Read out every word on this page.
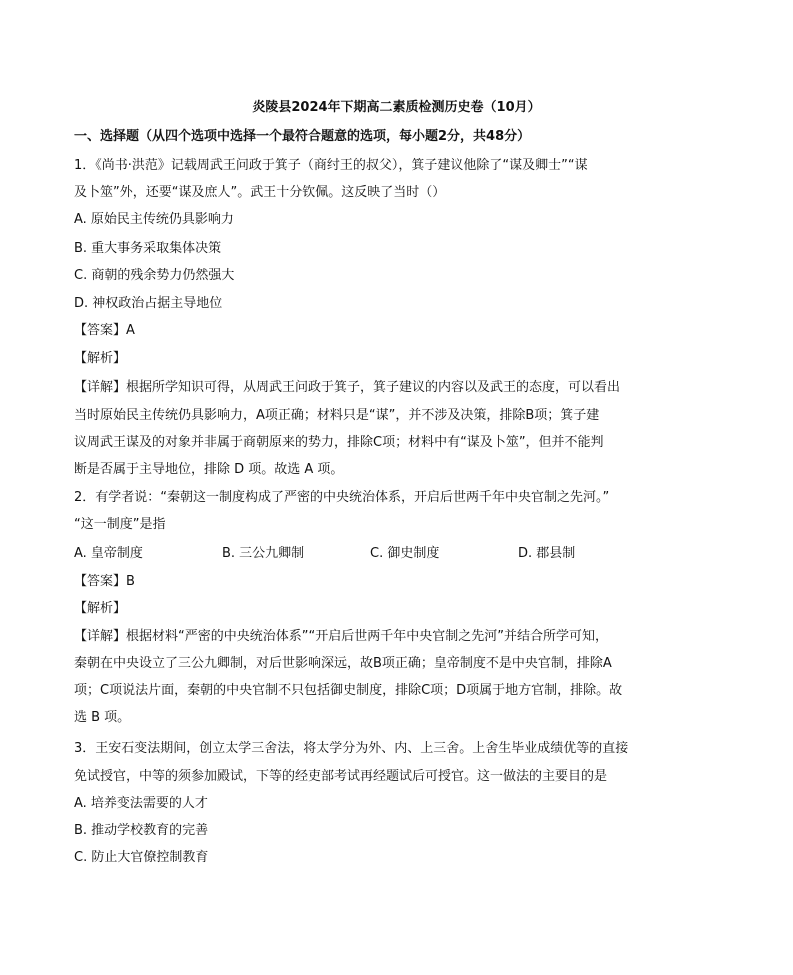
炎陵县2024年下期高二素质检测历史卷（10月）
一、选择题（从四个选项中选择一个最符合题意的选项，每小题2分，共48分）
1．《尚书·洪范》记载周武王问政于箕子（商纣王的叔父），箕子建议他除了“谋及卿士”“谋
及卜筮”外，还要“谋及庶人”。武王十分钦佩。这反映了当时（）
A. 原始民主传统仍具影响力
B. 重大事务采取集体决策
C. 商朝的残余势力仍然强大
D. 神权政治占据主导地位
【答案】A
【解析】
【详解】根据所学知识可得，从周武王问政于箕子，箕子建议的内容以及武王的态度，可以看出
当时原始民主传统仍具影响力，A项正确；材料只是“谋”，并不涉及决策，排除B项；箕子建
议周武王谋及的对象并非属于商朝原来的势力，排除C项；材料中有“谋及卜筮”，但并不能判
断是否属于主导地位，排除 D 项。故选 A 项。
2．有学者说：“秦朝这一制度构成了严密的中央统治体系，开启后世两千年中央官制之先河。”
“这一制度”是指
A. 皇帝制度	B. 三公九卿制	C. 御史制度	D. 郡县制
【答案】B
【解析】
【详解】根据材料“严密的中央统治体系”“开启后世两千年中央官制之先河”并结合所学可知，
秦朝在中央设立了三公九卿制，对后世影响深远，故B项正确；皇帝制度不是中央官制，排除A
项；C项说法片面，秦朝的中央官制不只包括御史制度，排除C项；D项属于地方官制，排除。故
选 B 项。
3．王安石变法期间，创立太学三舍法，将太学分为外、内、上三舍。上舍生毕业成绩优等的直接
免试授官，中等的须参加殿试，下等的经吏部考试再经题试后可授官。这一做法的主要目的是
A. 培养变法需要的人才
B. 推动学校教育的完善
C. 防止大官僚控制教育
